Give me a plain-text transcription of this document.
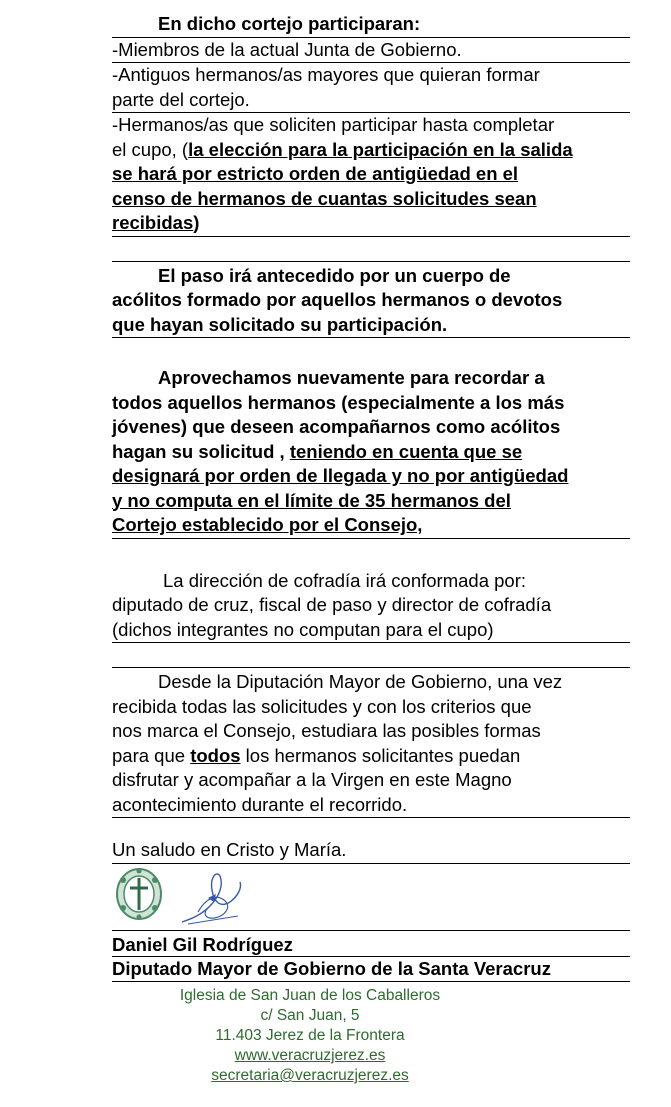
En dicho cortejo participaran:
-Miembros de la actual Junta de Gobierno.
-Antiguos hermanos/as mayores que quieran formar
parte del cortejo.
-Hermanos/as que soliciten participar hasta completar
el cupo, (la elección para la participación en la salida
se hará por estricto orden de antigüedad en el
censo de hermanos de cuantas solicitudes sean
recibidas)
El paso irá antecedido por un cuerpo de
acólitos formado por aquellos hermanos o devotos
que hayan solicitado su participación.
Aprovechamos nuevamente para recordar a
todos aquellos hermanos (especialmente a los más
jóvenes) que deseen acompañarnos como acólitos
hagan su solicitud , teniendo en cuenta que se
designará por orden de llegada y no por antigüedad
y no computa en el límite de 35 hermanos del
Cortejo establecido por el Consejo,
La dirección de cofradía irá conformada por:
diputado de cruz, fiscal de paso y director de cofradía
(dichos integrantes no computan para el cupo)
Desde la Diputación Mayor de Gobierno, una vez
recibida todas las solicitudes y con los criterios que
nos marca el Consejo, estudiara las posibles formas
para que todos los hermanos solicitantes puedan
disfrutar y acompañar a la Virgen en este Magno
acontecimiento durante el recorrido.
Un saludo en Cristo y María.
Daniel Gil Rodríguez
Diputado Mayor de Gobierno de la Santa Veracruz
Iglesia de San Juan de los Caballeros
c/ San Juan, 5
11.403 Jerez de la Frontera
www.veracruzjerez.es
secretaria@veracruzjerez.es
